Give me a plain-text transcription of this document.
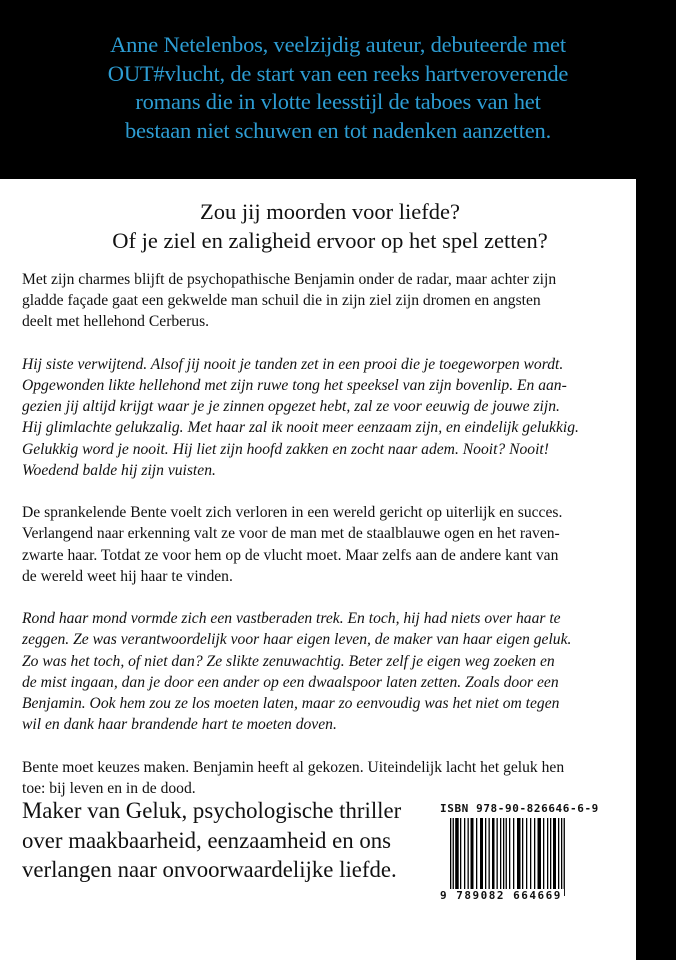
Anne Netelenbos, veelzijdig auteur, debuteerde met
OUT#vlucht, de start van een reeks hartveroverende
romans die in vlotte leesstijl de taboes van het
bestaan niet schuwen en tot nadenken aanzetten.
Zou jij moorden voor liefde?
Of je ziel en zaligheid ervoor op het spel zetten?
Met zijn charmes blijft de psychopathische Benjamin onder de radar, maar achter zijn
gladde façade gaat een gekwelde man schuil die in zijn ziel zijn dromen en angsten
deelt met hellehond Cerberus.
Hij siste verwijtend. Alsof jij nooit je tanden zet in een prooi die je toegeworpen wordt.
Opgewonden likte hellehond met zijn ruwe tong het speeksel van zijn bovenlip. En aan-
gezien jij altijd krijgt waar je je zinnen opgezet hebt, zal ze voor eeuwig de jouwe zijn.
Hij glimlachte gelukzalig. Met haar zal ik nooit meer eenzaam zijn, en eindelijk gelukkig.
Gelukkig word je nooit. Hij liet zijn hoofd zakken en zocht naar adem. Nooit? Nooit!
Woedend balde hij zijn vuisten.
De sprankelende Bente voelt zich verloren in een wereld gericht op uiterlijk en succes.
Verlangend naar erkenning valt ze voor de man met de staalblauwe ogen en het raven-
zwarte haar. Totdat ze voor hem op de vlucht moet. Maar zelfs aan de andere kant van
de wereld weet hij haar te vinden.
Rond haar mond vormde zich een vastberaden trek. En toch, hij had niets over haar te
zeggen. Ze was verantwoordelijk voor haar eigen leven, de maker van haar eigen geluk.
Zo was het toch, of niet dan? Ze slikte zenuwachtig. Beter zelf je eigen weg zoeken en
de mist ingaan, dan je door een ander op een dwaalspoor laten zetten. Zoals door een
Benjamin. Ook hem zou ze los moeten laten, maar zo eenvoudig was het niet om tegen
wil en dank haar brandende hart te moeten doven.
Bente moet keuzes maken. Benjamin heeft al gekozen. Uiteindelijk lacht het geluk hen
toe: bij leven en in de dood.
Maker van Geluk, psychologische thriller
over maakbaarheid, eenzaamheid en ons
verlangen naar onvoorwaardelijke liefde.
ISBN 978-90-826646-6-9
9 789082 664669
